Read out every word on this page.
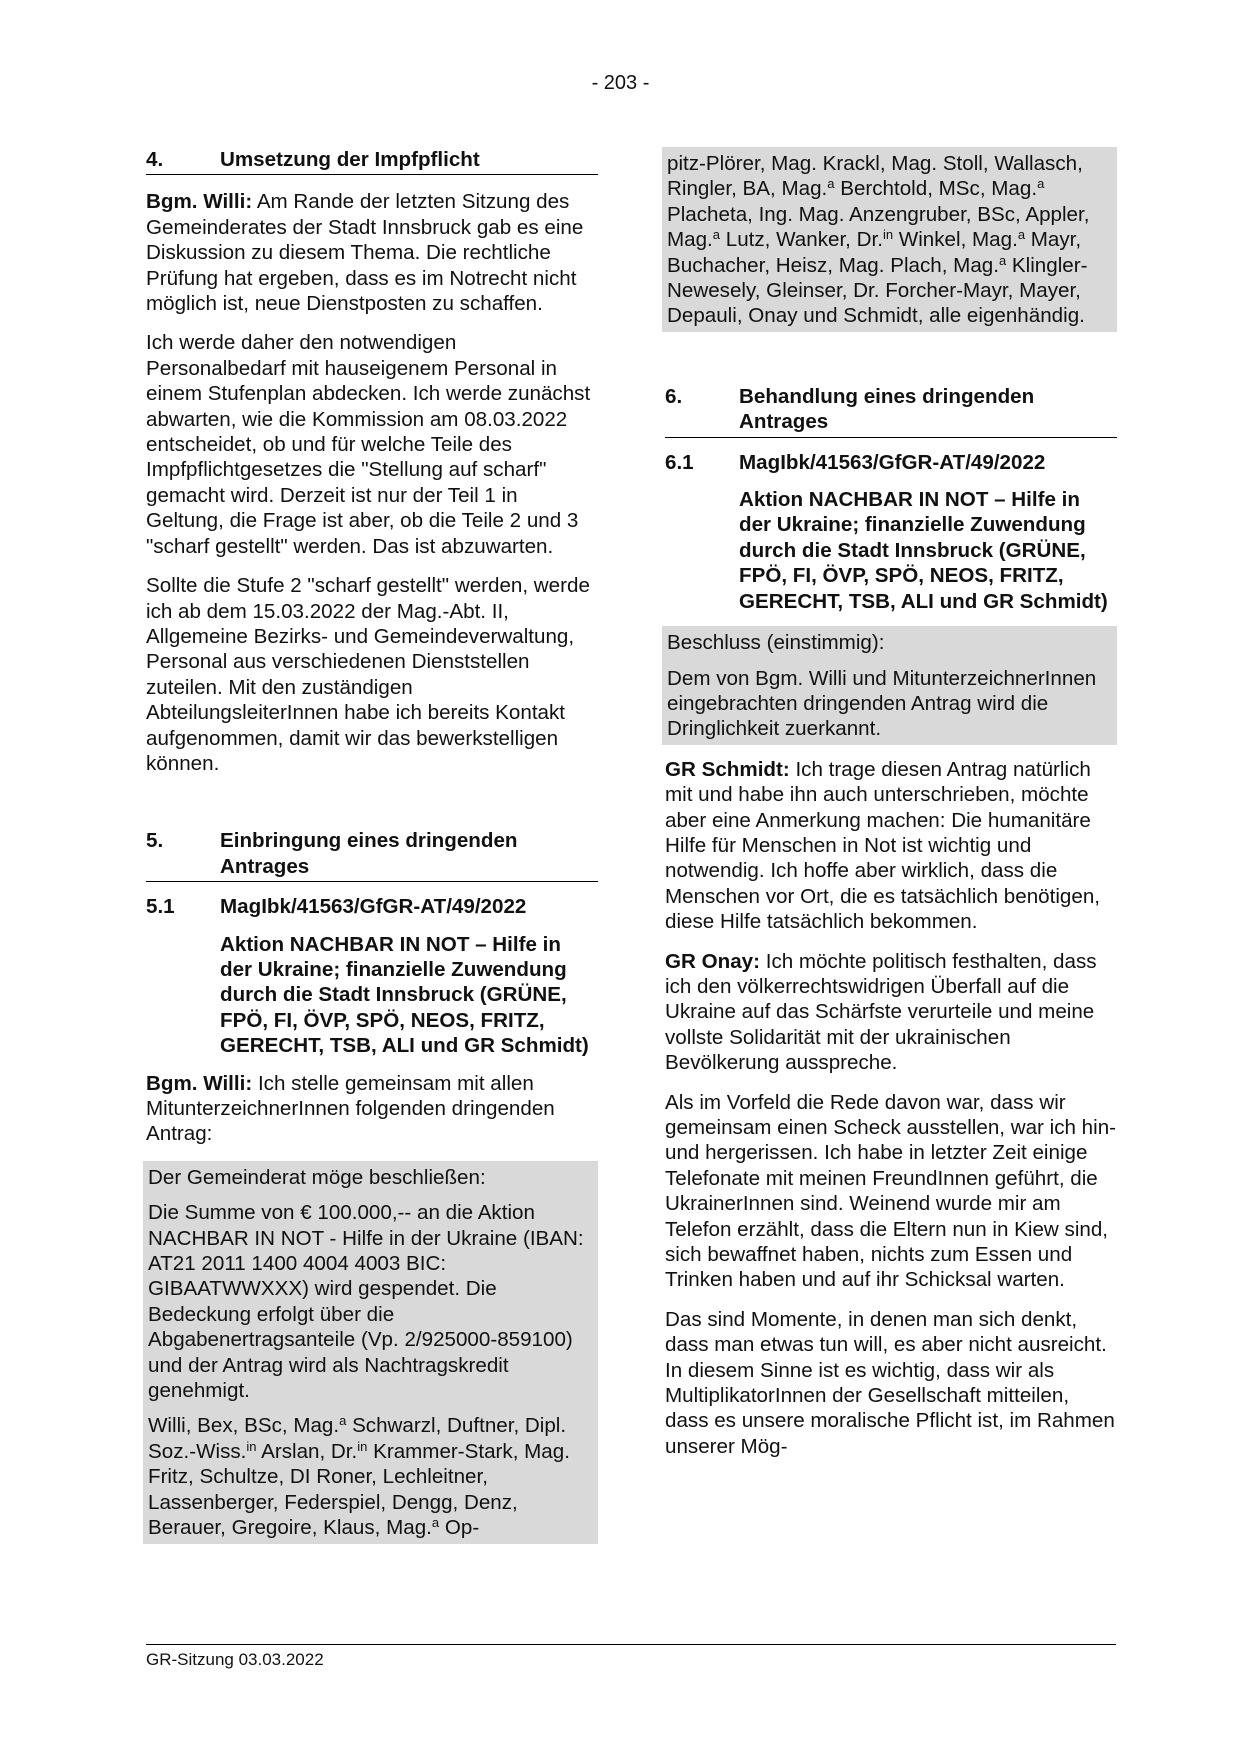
- 203 -
4.	Umsetzung der Impfpflicht

Bgm. Willi: Am Rande der letzten Sitzung des Gemeinderates der Stadt Innsbruck gab es eine Diskussion zu diesem Thema. Die rechtliche Prüfung hat ergeben, dass es im Notrecht nicht möglich ist, neue Dienstposten zu schaffen.

Ich werde daher den notwendigen Personalbedarf mit hauseigenem Personal in einem Stufenplan abdecken. Ich werde zunächst abwarten, wie die Kommission am 08.03.2022 entscheidet, ob und für welche Teile des Impfpflichtgesetzes die "Stellung auf scharf" gemacht wird. Derzeit ist nur der Teil 1 in Geltung, die Frage ist aber, ob die Teile 2 und 3 "scharf gestellt" werden. Das ist abzuwarten.

Sollte die Stufe 2 "scharf gestellt" werden, werde ich ab dem 15.03.2022 der Mag.-Abt. II, Allgemeine Bezirks- und Gemeindeverwaltung, Personal aus verschiedenen Dienststellen zuteilen. Mit den zuständigen AbteilungsleiterInnen habe ich bereits Kontakt aufgenommen, damit wir das bewerkstelligen können.

5.	Einbringung eines dringenden Antrages
5.1	MagIbk/41563/GfGR-AT/49/2022
Aktion NACHBAR IN NOT – Hilfe in der Ukraine; finanzielle Zuwendung durch die Stadt Innsbruck (GRÜNE, FPÖ, FI, ÖVP, SPÖ, NEOS, FRITZ, GERECHT, TSB, ALI und GR Schmidt)

Bgm. Willi: Ich stelle gemeinsam mit allen MitunterzeichnerInnen folgenden dringenden Antrag:

Der Gemeinderat möge beschließen:

Die Summe von € 100.000,-- an die Aktion NACHBAR IN NOT - Hilfe in der Ukraine (IBAN: AT21 2011 1400 4004 4003 BIC: GIBAATWWXXX) wird gespendet. Die Bedeckung erfolgt über die Abgabenertragsanteile (Vp. 2/925000-859100) und der Antrag wird als Nachtragskredit genehmigt.

Willi, Bex, BSc, Mag.$^a$ Schwarzl, Duftner, Dipl. Soz.-Wiss.$^{in}$ Arslan, Dr.$^{in}$ Krammer-Stark, Mag. Fritz, Schultze, DI Roner, Lechleitner, Lassenberger, Federspiel, Dengg, Denz, Berauer, Gregoire, Klaus, Mag.$^a$ Op-

pitz-Plörer, Mag. Krackl, Mag. Stoll, Wallasch, Ringler, BA, Mag.$^a$ Berchtold, MSc, Mag.$^a$ Placheta, Ing. Mag. Anzengruber, BSc, Appler, Mag.$^a$ Lutz, Wanker, Dr.$^{in}$ Winkel, Mag.$^a$ Mayr, Buchacher, Heisz, Mag. Plach, Mag.$^a$ Klingler-Newesely, Gleinser, Dr. Forcher-Mayr, Mayer, Depauli, Onay und Schmidt, alle eigenhändig.

6.	Behandlung eines dringenden Antrages
6.1	MagIbk/41563/GfGR-AT/49/2022
Aktion NACHBAR IN NOT – Hilfe in der Ukraine; finanzielle Zuwendung durch die Stadt Innsbruck (GRÜNE, FPÖ, FI, ÖVP, SPÖ, NEOS, FRITZ, GERECHT, TSB, ALI und GR Schmidt)

Beschluss (einstimmig):

Dem von Bgm. Willi und MitunterzeichnerInnen eingebrachten dringenden Antrag wird die Dringlichkeit zuerkannt.

GR Schmidt: Ich trage diesen Antrag natürlich mit und habe ihn auch unterschrieben, möchte aber eine Anmerkung machen: Die humanitäre Hilfe für Menschen in Not ist wichtig und notwendig. Ich hoffe aber wirklich, dass die Menschen vor Ort, die es tatsächlich benötigen, diese Hilfe tatsächlich bekommen.

GR Onay: Ich möchte politisch festhalten, dass ich den völkerrechtswidrigen Überfall auf die Ukraine auf das Schärfste verurteile und meine vollste Solidarität mit der ukrainischen Bevölkerung ausspreche.

Als im Vorfeld die Rede davon war, dass wir gemeinsam einen Scheck ausstellen, war ich hin- und hergerissen. Ich habe in letzter Zeit einige Telefonate mit meinen FreundInnen geführt, die UkrainerInnen sind. Weinend wurde mir am Telefon erzählt, dass die Eltern nun in Kiew sind, sich bewaffnet haben, nichts zum Essen und Trinken haben und auf ihr Schicksal warten.

Das sind Momente, in denen man sich denkt, dass man etwas tun will, es aber nicht ausreicht. In diesem Sinne ist es wichtig, dass wir als MultiplikatorInnen der Gesellschaft mitteilen, dass es unsere moralische Pflicht ist, im Rahmen unserer Mög-

GR-Sitzung 03.03.2022
